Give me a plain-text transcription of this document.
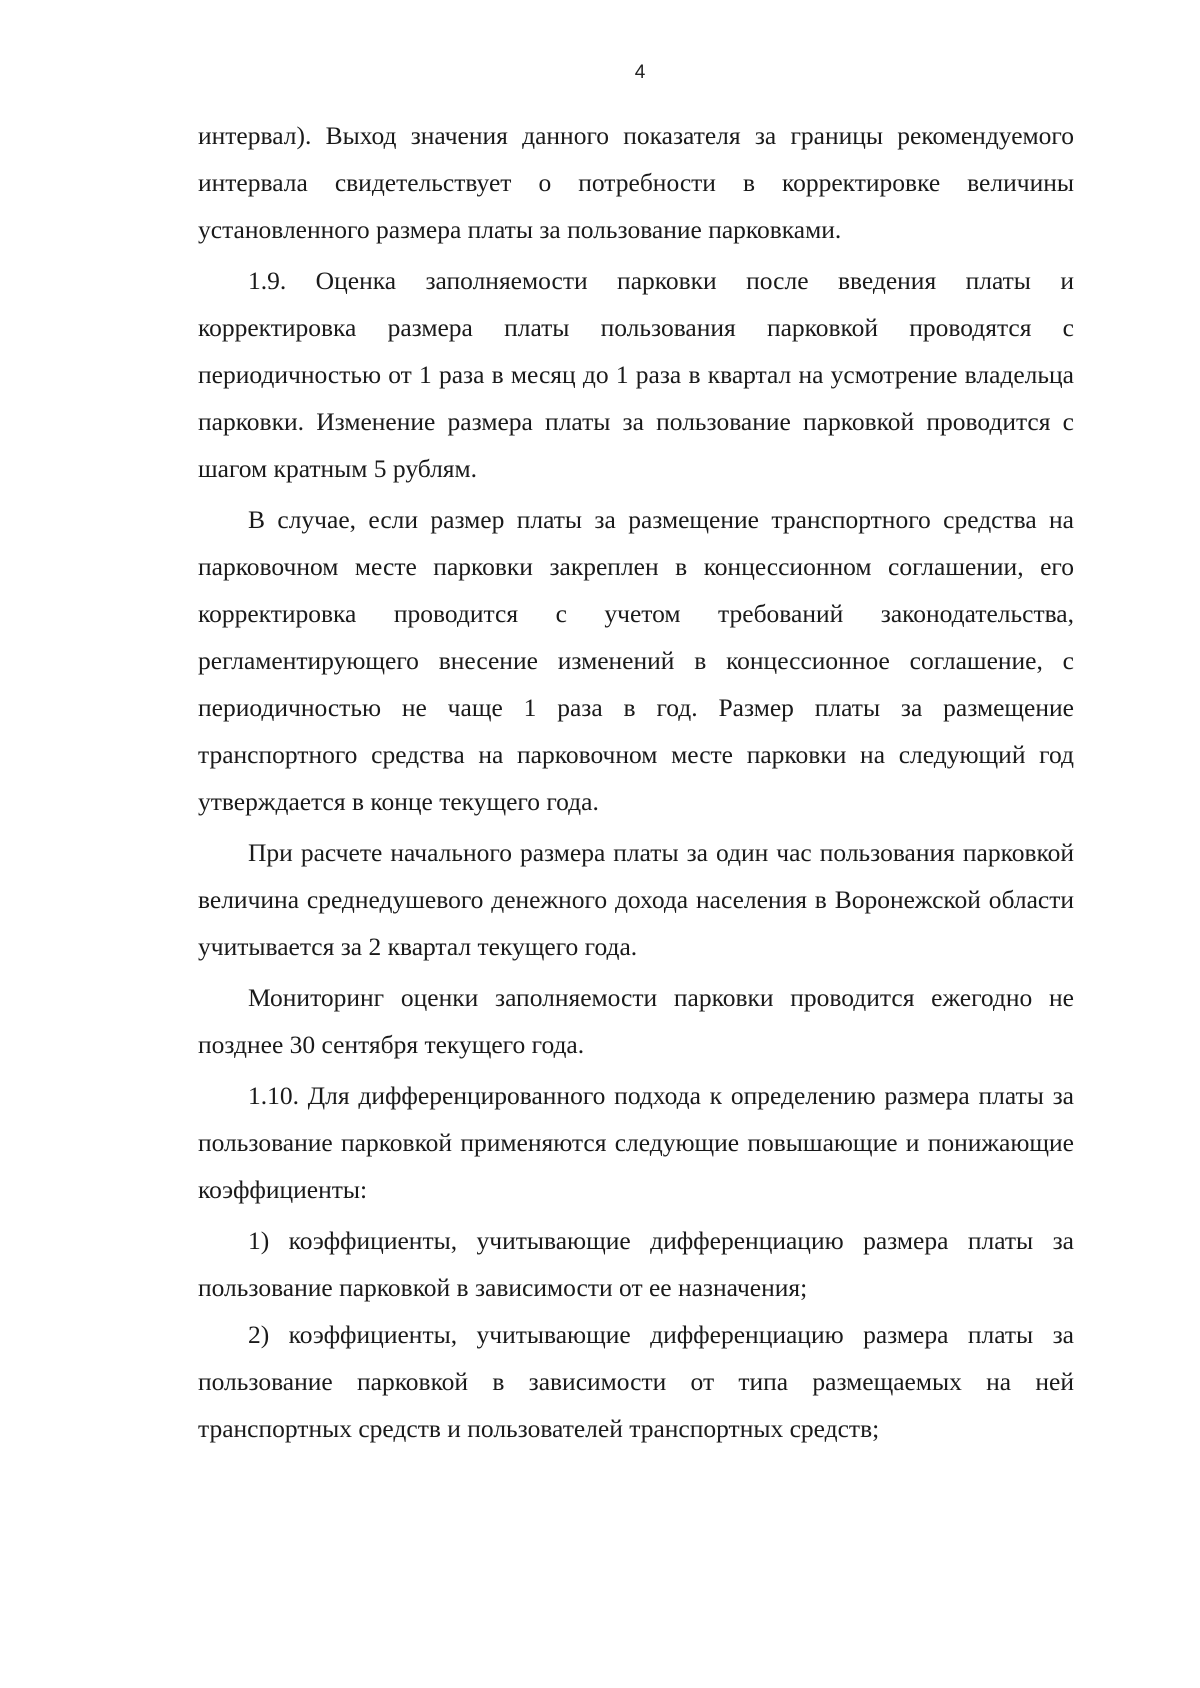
4

интервал). Выход значения данного показателя за границы рекомендуемого интервала свидетельствует о потребности в корректировке величины установленного размера платы за пользование парковками.

1.9. Оценка заполняемости парковки после введения платы и корректировка размера платы пользования парковкой проводятся с периодичностью от 1 раза в месяц до 1 раза в квартал на усмотрение владельца парковки. Изменение размера платы за пользование парковкой проводится с шагом кратным 5 рублям.

В случае, если размер платы за размещение транспортного средства на парковочном месте парковки закреплен в концессионном соглашении, его корректировка проводится с учетом требований законодательства, регламентирующего внесение изменений в концессионное соглашение, с периодичностью не чаще 1 раза в год. Размер платы за размещение транспортного средства на парковочном месте парковки на следующий год утверждается в конце текущего года.

При расчете начального размера платы за один час пользования парковкой величина среднедушевого денежного дохода населения в Воронежской области учитывается за 2 квартал текущего года.

Мониторинг оценки заполняемости парковки проводится ежегодно не позднее 30 сентября текущего года.

1.10. Для дифференцированного подхода к определению размера платы за пользование парковкой применяются следующие повышающие и понижающие коэффициенты:

1) коэффициенты, учитывающие дифференциацию размера платы за пользование парковкой в зависимости от ее назначения;

2) коэффициенты, учитывающие дифференциацию размера платы за пользование парковкой в зависимости от типа размещаемых на ней транспортных средств и пользователей транспортных средств;
